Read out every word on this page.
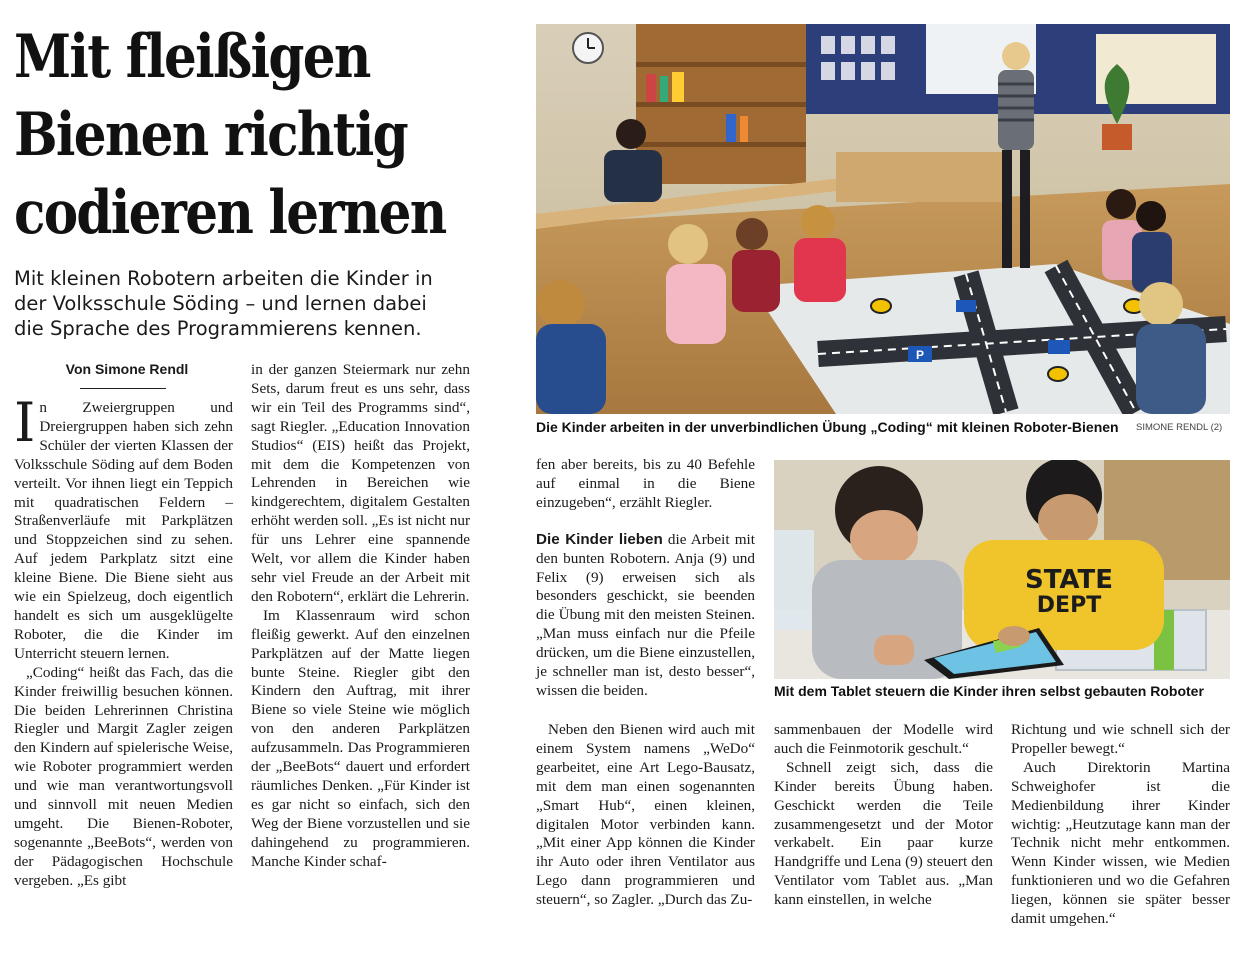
Mit fleißigen
Bienen richtig
codieren lernen

Mit kleinen Robotern arbeiten die Kinder in
der Volksschule Söding – und lernen dabei
die Sprache des Programmierens kennen.

Von Simone Rendl

In Zweiergruppen und Dreiergruppen haben sich zehn Schüler der vierten Klassen der Volksschule Söding auf dem Boden verteilt. Vor ihnen liegt ein Teppich mit quadratischen Feldern – Straßenverläufe mit Parkplätzen und Stoppzeichen sind zu sehen. Auf jedem Parkplatz sitzt eine kleine Biene. Die Biene sieht aus wie ein Spielzeug, doch eigentlich handelt es sich um ausgeklügelte Roboter, die die Kinder im Unterricht steuern lernen.

„Coding“ heißt das Fach, das die Kinder freiwillig besuchen können. Die beiden Lehrerinnen Christina Riegler und Margit Zagler zeigen den Kindern auf spielerische Weise, wie Roboter programmiert werden und wie man verantwortungsvoll und sinnvoll mit neuen Medien umgeht. Die Bienen-Roboter, sogenannte „BeeBots“, werden von der Pädagogischen Hochschule vergeben. „Es gibt

in der ganzen Steiermark nur zehn Sets, darum freut es uns sehr, dass wir ein Teil des Programms sind“, sagt Riegler. „Education Innovation Studios“ (EIS) heißt das Projekt, mit dem die Kompetenzen von Lehrenden in Bereichen wie kindgerechtem, digitalem Gestalten erhöht werden soll. „Es ist nicht nur für uns Lehrer eine spannende Welt, vor allem die Kinder haben sehr viel Freude an der Arbeit mit den Robotern“, erklärt die Lehrerin.

Im Klassenraum wird schon fleißig gewerkt. Auf den einzelnen Parkplätzen auf der Matte liegen bunte Steine. Riegler gibt den Kindern den Auftrag, mit ihrer Biene so viele Steine wie möglich von den anderen Parkplätzen aufzusammeln. Das Programmieren der „BeeBots“ dauert und erfordert räumliches Denken. „Für Kinder ist es gar nicht so einfach, sich den Weg der Biene vorzustellen und sie dahingehend zu programmieren. Manche Kinder schaf-

P
Die Kinder arbeiten in der unverbindlichen Übung „Coding“ mit kleinen Roboter-Bienen SIMONE RENDL (2)

fen aber bereits, bis zu 40 Befehle auf einmal in die Biene einzugeben“, erzählt Riegler.

Die Kinder lieben die Arbeit mit den bunten Robotern. Anja (9) und Felix (9) erweisen sich als besonders geschickt, sie beenden die Übung mit den meisten Steinen. „Man muss einfach nur die Pfeile drücken, um die Biene einzustellen, je schneller man ist, desto besser“, wissen die beiden.

STATE
DEPT
Mit dem Tablet steuern die Kinder ihren selbst gebauten Roboter

Neben den Bienen wird auch mit einem System namens „WeDo“ gearbeitet, eine Art Lego-Bausatz, mit dem man einen sogenannten „Smart Hub“, einen kleinen, digitalen Motor verbinden kann. „Mit einer App können die Kinder ihr Auto oder ihren Ventilator aus Lego dann programmieren und steuern“, so Zagler. „Durch das Zu-

sammenbauen der Modelle wird auch die Feinmotorik geschult.“

Schnell zeigt sich, dass die Kinder bereits Übung haben. Geschickt werden die Teile zusammengesetzt und der Motor verkabelt. Ein paar kurze Handgriffe und Lena (9) steuert den Ventilator vom Tablet aus. „Man kann einstellen, in welche

Richtung und wie schnell sich der Propeller bewegt.“

Auch Direktorin Martina Schweighofer ist die Medienbildung ihrer Kinder wichtig: „Heutzutage kann man der Technik nicht mehr entkommen. Wenn Kinder wissen, wie Medien funktionieren und wo die Gefahren liegen, können sie später besser damit umgehen.“
